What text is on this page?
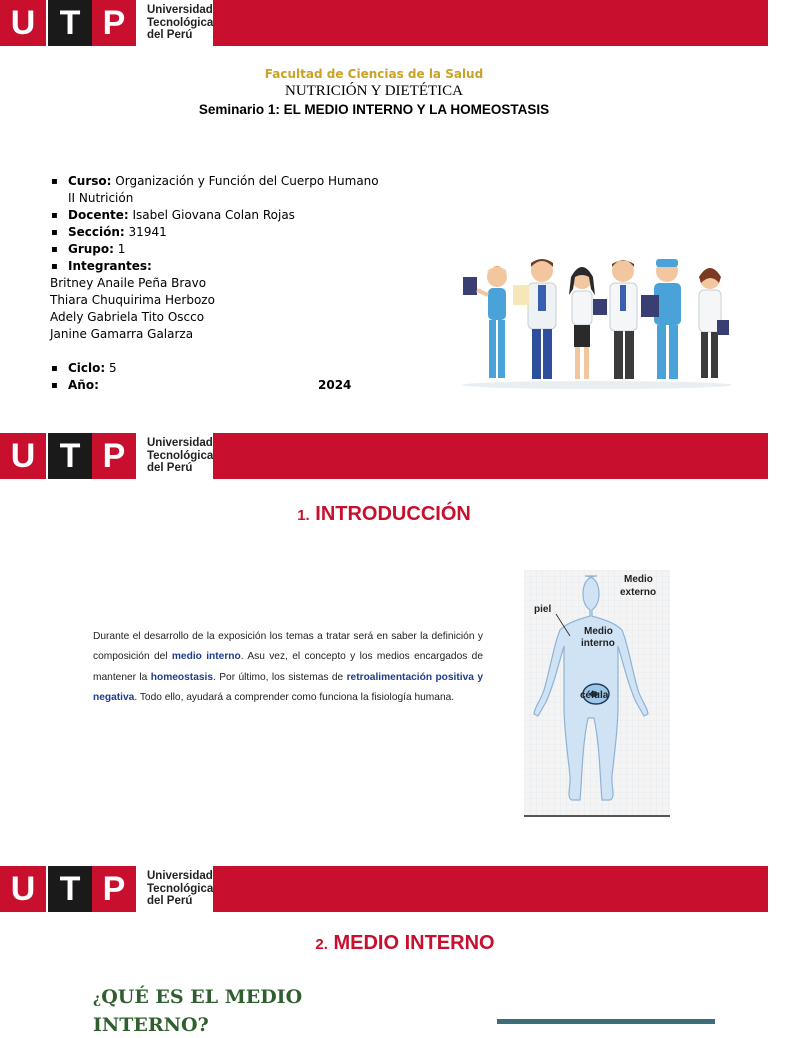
U T P	Universidad
Tecnológica
del Perú
Facultad de Ciencias de la Salud
NUTRICIÓN Y DIETÉTICA
Seminario 1: EL MEDIO INTERNO Y LA HOMEOSTASIS
▪ Curso: Organización y Función del Cuerpo Humano
II Nutrición
▪ Docente: Isabel Giovana Colan Rojas
▪ Sección: 31941
▪ Grupo: 1
▪ Integrantes:
Britney Anaile Peña Bravo
Thiara Chuquirima Herbozo
Adely Gabriela Tito Oscco
Janine Gamarra Galarza
▪ Ciclo: 5
▪ Año:	2024
U T P	Universidad
Tecnológica
del Perú
1. INTRODUCCIÓN
Durante el desarrollo de la exposición los temas a tratar será en saber la definición y composición del medio interno. Asu vez, el concepto y los medios encargados de mantener la homeostasis. Por último, los sistemas de retroalimentación positiva y negativa. Todo ello, ayudará a comprender como funciona la fisiología humana.
Medio
externo
piel
Medio
interno
célula
U T P	Universidad
Tecnológica
del Perú
2. MEDIO INTERNO
¿QUÉ ES EL MEDIO INTERNO?
